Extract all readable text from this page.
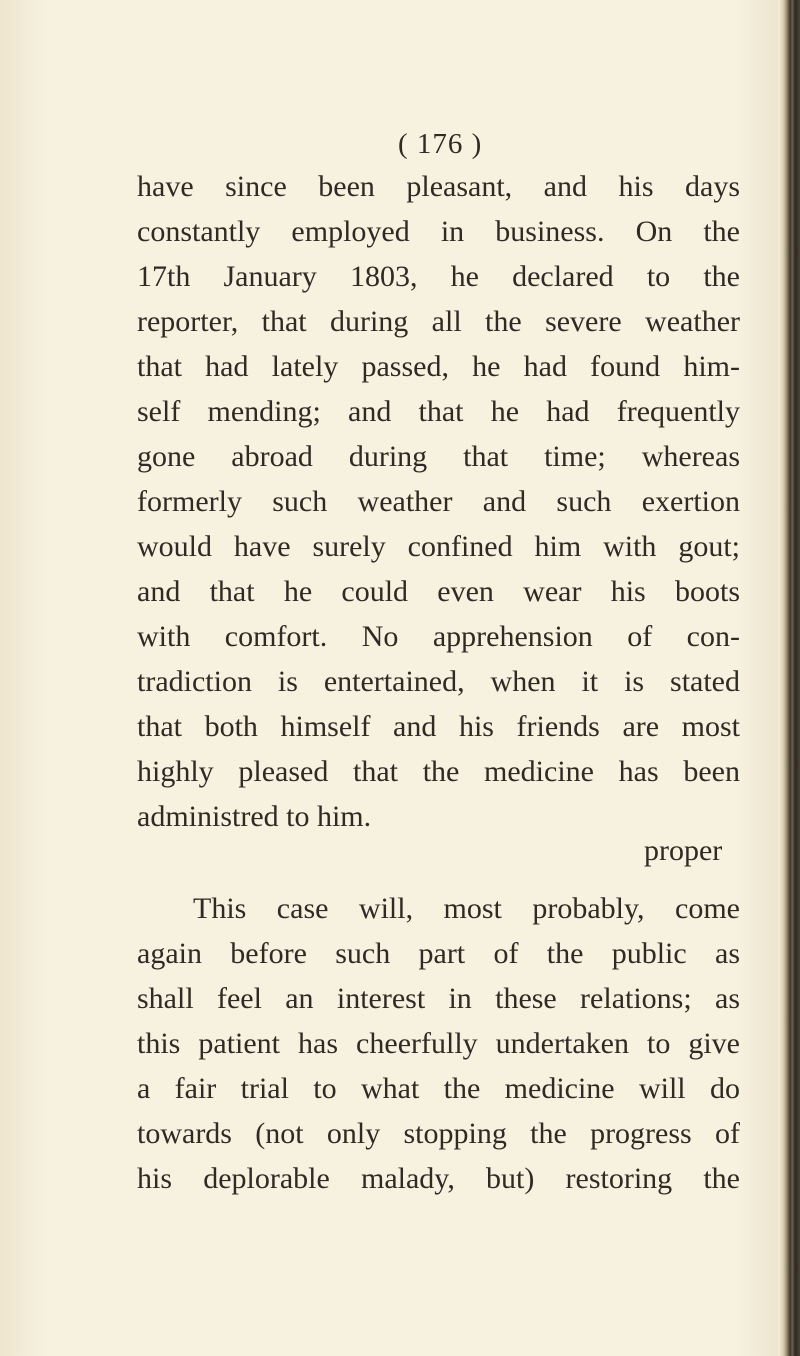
( 176 )
have since been pleasant, and his days
constantly employed in business. On the
17th January 1803, he declared to the
reporter, that during all the severe weather
that had lately passed, he had found him-
self mending; and that he had frequently
gone abroad during that time; whereas
formerly such weather and such exertion
would have surely confined him with gout;
and that he could even wear his boots
with comfort. No apprehension of con-
tradiction is entertained, when it is stated
that both himself and his friends are most
highly pleased that the medicine has been
administred to him.
This case will, most probably, come
again before such part of the public as
shall feel an interest in these relations; as
this patient has cheerfully undertaken to give
a fair trial to what the medicine will do
towards (not only stopping the progress of
his deplorable malady, but) restoring the
proper
